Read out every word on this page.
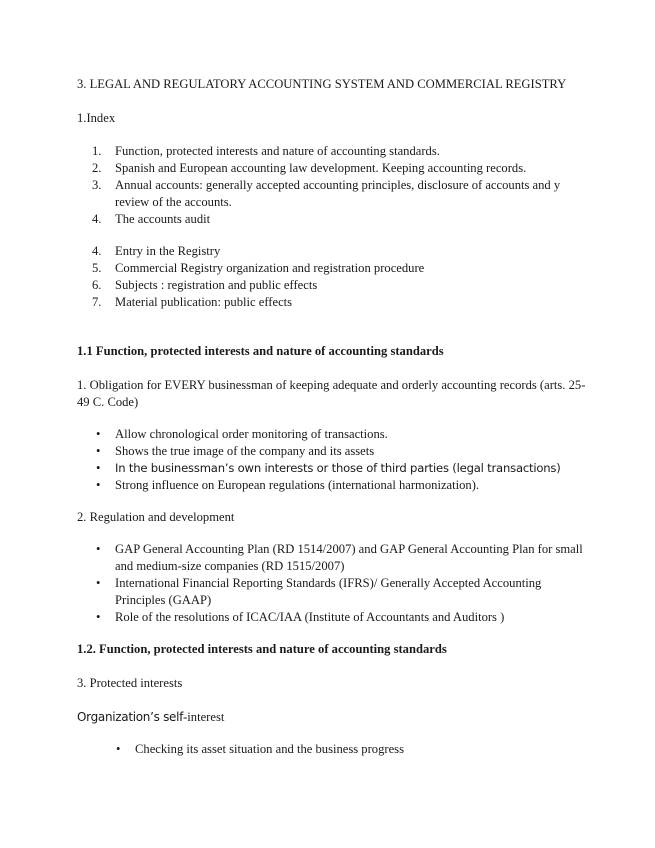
3. LEGAL AND REGULATORY ACCOUNTING SYSTEM AND COMMERCIAL REGISTRY

1.Index

1.	Function, protected interests and nature of accounting standards.
2.	Spanish and European accounting law development. Keeping accounting records.
3.	Annual accounts: generally accepted accounting principles, disclosure of accounts and y review of the accounts.
4.	The accounts audit
4.	Entry in the Registry
5.	Commercial Registry organization and registration procedure
6.	Subjects : registration and public effects
7.	Material publication: public effects
1.1 Function, protected interests and nature of accounting standards

1. Obligation for EVERY businessman of keeping adequate and orderly accounting records (arts. 25-49 C. Code)

• Allow chronological order monitoring of transactions.
• Shows the true image of the company and its assets
• In the businessman’s own interests or those of third parties (legal transactions)
• Strong influence on European regulations (international harmonization).

2. Regulation and development

• GAP General Accounting Plan (RD 1514/2007) and GAP General Accounting Plan for small and medium-size companies (RD 1515/2007)
• International Financial Reporting Standards (IFRS)/ Generally Accepted Accounting Principles (GAAP)
• Role of the resolutions of ICAC/IAA (Institute of Accountants and Auditors )
1.2. Function, protected interests and nature of accounting standards

3. Protected interests

Organization’s self-interest

• Checking its asset situation and the business progress
